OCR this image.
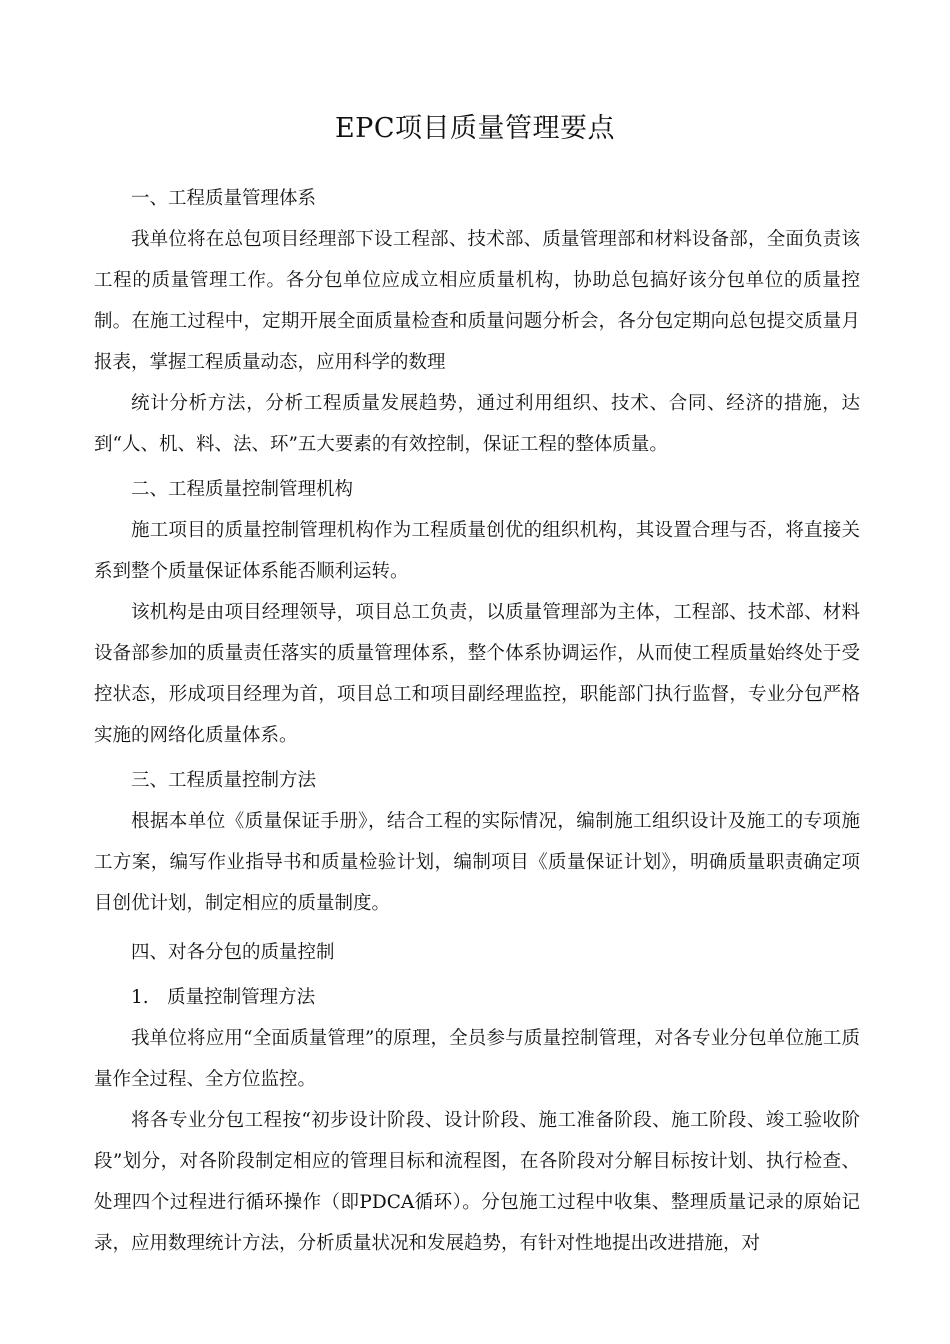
EPC项目质量管理要点
一、工程质量管理体系

我单位将在总包项目经理部下设工程部、技术部、质量管理部和材料设备部，全面负责该工程的质量管理工作。各分包单位应成立相应质量机构，协助总包搞好该分包单位的质量控制。在施工过程中，定期开展全面质量检查和质量问题分析会，各分包定期向总包提交质量月报表，掌握工程质量动态，应用科学的数理

统计分析方法，分析工程质量发展趋势，通过利用组织、技术、合同、经济的措施，达到“人、机、料、法、环”五大要素的有效控制，保证工程的整体质量。

二、工程质量控制管理机构

施工项目的质量控制管理机构作为工程质量创优的组织机构，其设置合理与否，将直接关系到整个质量保证体系能否顺利运转。

该机构是由项目经理领导，项目总工负责，以质量管理部为主体，工程部、技术部、材料设备部参加的质量责任落实的质量管理体系，整个体系协调运作，从而使工程质量始终处于受控状态，形成项目经理为首，项目总工和项目副经理监控，职能部门执行监督，专业分包严格实施的网络化质量体系。

三、工程质量控制方法

根据本单位《质量保证手册》，结合工程的实际情况，编制施工组织设计及施工的专项施工方案，编写作业指导书和质量检验计划，编制项目《质量保证计划》，明确质量职责确定项目创优计划，制定相应的质量制度。

四、对各分包的质量控制
1.　质量控制管理方法

我单位将应用“全面质量管理”的原理，全员参与质量控制管理，对各专业分包单位施工质量作全过程、全方位监控。

将各专业分包工程按“初步设计阶段、设计阶段、施工准备阶段、施工阶段、竣工验收阶段”划分，对各阶段制定相应的管理目标和流程图，在各阶段对分解目标按计划、执行检查、处理四个过程进行循环操作（即PDCA循环）。分包施工过程中收集、整理质量记录的原始记录，应用数理统计方法，分析质量状况和发展趋势，有针对性地提出改进措施，对
